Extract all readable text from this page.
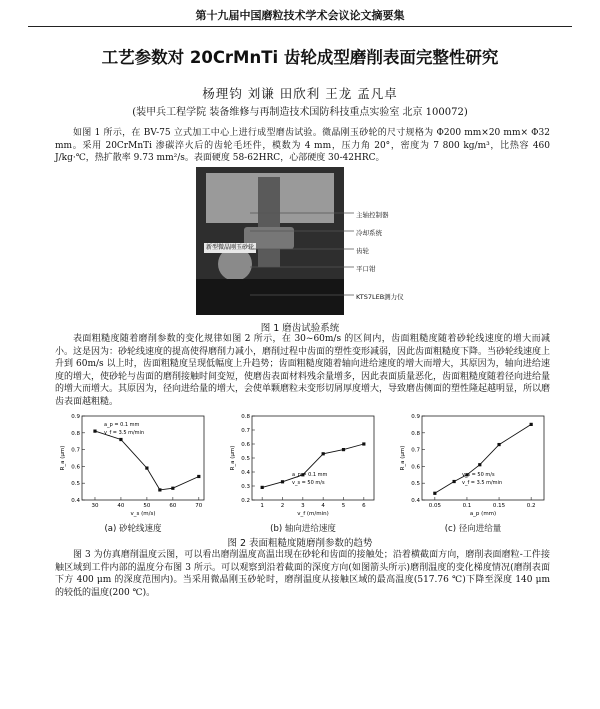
第十九届中国磨粒技术学术会议论文摘要集
工艺参数对 20CrMnTi 齿轮成型磨削表面完整性研究
杨理钧 刘谦 田欣利 王龙 孟凡卓
(装甲兵工程学院 装备维修与再制造技术国防科技重点实验室 北京 100072)

如图 1 所示，在 BV-75 立式加工中心上进行成型磨齿试验。微晶刚玉砂轮的尺寸规格为 Φ200 mm×20 mm× Φ32 mm。采用 20CrMnTi 渗碳淬火后的齿轮毛坯件，模数为 4 mm，压力角 20°，密度为 7 800 kg/m³，比热容 460 J/kg·℃，热扩散率 9.73 mm²/s。表面硬度 58-62HRC，心部硬度 30-42HRC。

新型微晶刚玉砂轮
主轴控制器
冷却系统
齿轮
平口钳
KTS7LEB测力仪
图 1 磨齿试验系统

表面粗糙度随着磨削参数的变化规律如图 2 所示，在 30~60m/s 的区间内，齿面粗糙度随着砂轮线速度的增大而减小。这是因为：砂轮线速度的提高使得磨削力减小，磨削过程中齿面的塑性变形减弱，因此齿面粗糙度下降。当砂轮线速度上升到 60m/s 以上时，齿面粗糙度呈现低幅度上升趋势；齿面粗糙度随着轴向进给速度的增大而增大，其原因为，轴向进给速度的增大，使砂轮与齿面的磨削接触时间变短，使磨齿表面材料残余量增多，因此表面质量恶化，齿面粗糙度随着径向进给量的增大而增大。其原因为，径向进给量的增大，会使单颗磨粒未变形切屑厚度增大，导致磨齿侧面的塑性隆起越明显，所以磨齿表面越粗糙。

0.4
0.5
0.6
0.7
0.8
0.9
30	40	50	60	70
v_s (m/s)
R_a (μm)
a_p = 0.1 mm
v_f = 3.5 m/min
0.2
0.3
0.4
0.5
0.6
0.7
0.8
1	2	3	4	5	6
v_f (m/min)
R_a (μm)
a_p = 0.1 mm
v_s = 50 m/s
0.4
0.5
0.6
0.7
0.8
0.9
0.05	0.1	0.15	0.2
a_p (mm)
R_a (μm)
v_s = 50 m/s
v_f = 3.5 m/min
(a) 砂轮线速度	(b) 轴向进给速度	(c) 径向进给量
图 2 表面粗糙度随磨削参数的趋势

图 3 为仿真磨削温度云图，可以看出磨削温度高温出现在砂轮和齿面的接触处；沿着横截面方向，磨削表面磨粒-工件接触区域到工件内部的温度分布图 3 所示。可以观察到沿着截面的深度方向(如图箭头所示)磨削温度的变化梯度情况(磨削表面下方 400 μm 的深度范围内)。当采用微晶刚玉砂轮时，磨削温度从接触区域的最高温度(517.76 ℃)下降至深度 140 μm 的较低的温度(200 ℃)。
